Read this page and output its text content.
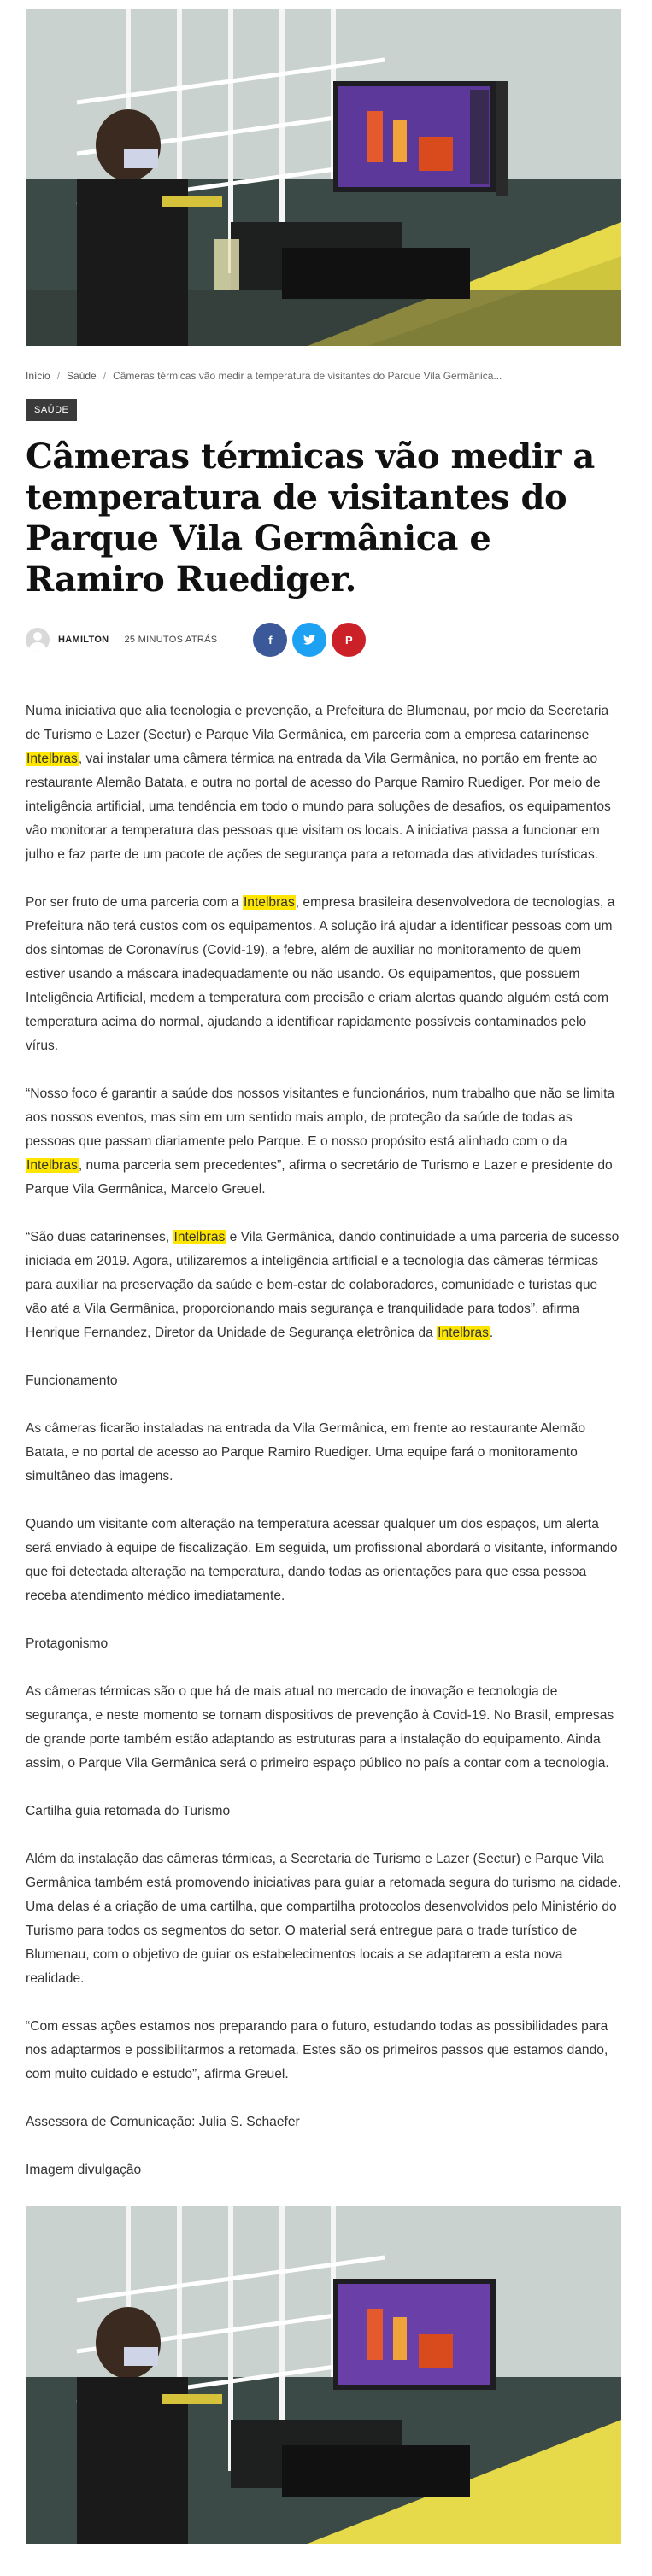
Início / Saúde / Câmeras térmicas vão medir a temperatura de visitantes do Parque Vila Germânica...
SAÚDE
Câmeras térmicas vão medir a temperatura de visitantes do Parque Vila Germânica e Ramiro Ruediger.
HAMILTON 25 MINUTOS ATRÁS	f	P

Numa iniciativa que alia tecnologia e prevenção, a Prefeitura de Blumenau, por meio da Secretaria de Turismo e Lazer (Sectur) e Parque Vila Germânica, em parceria com a empresa catarinense Intelbras, vai instalar uma câmera térmica na entrada da Vila Germânica, no portão em frente ao restaurante Alemão Batata, e outra no portal de acesso do Parque Ramiro Ruediger. Por meio de inteligência artificial, uma tendência em todo o mundo para soluções de desafios, os equipamentos vão monitorar a temperatura das pessoas que visitam os locais. A iniciativa passa a funcionar em julho e faz parte de um pacote de ações de segurança para a retomada das atividades turísticas.

Por ser fruto de uma parceria com a Intelbras, empresa brasileira desenvolvedora de tecnologias, a Prefeitura não terá custos com os equipamentos. A solução irá ajudar a identificar pessoas com um dos sintomas de Coronavírus (Covid-19), a febre, além de auxiliar no monitoramento de quem estiver usando a máscara inadequadamente ou não usando. Os equipamentos, que possuem Inteligência Artificial, medem a temperatura com precisão e criam alertas quando alguém está com temperatura acima do normal, ajudando a identificar rapidamente possíveis contaminados pelo vírus.

“Nosso foco é garantir a saúde dos nossos visitantes e funcionários, num trabalho que não se limita aos nossos eventos, mas sim em um sentido mais amplo, de proteção da saúde de todas as pessoas que passam diariamente pelo Parque. E o nosso propósito está alinhado com o da Intelbras, numa parceria sem precedentes”, afirma o secretário de Turismo e Lazer e presidente do Parque Vila Germânica, Marcelo Greuel.

“São duas catarinenses, Intelbras e Vila Germânica, dando continuidade a uma parceria de sucesso iniciada em 2019. Agora, utilizaremos a inteligência artificial e a tecnologia das câmeras térmicas para auxiliar na preservação da saúde e bem-estar de colaboradores, comunidade e turistas que vão até a Vila Germânica, proporcionando mais segurança e tranquilidade para todos”, afirma Henrique Fernandez, Diretor da Unidade de Segurança eletrônica da Intelbras.

Funcionamento

As câmeras ficarão instaladas na entrada da Vila Germânica, em frente ao restaurante Alemão Batata, e no portal de acesso ao Parque Ramiro Ruediger. Uma equipe fará o monitoramento simultâneo das imagens.

Quando um visitante com alteração na temperatura acessar qualquer um dos espaços, um alerta será enviado à equipe de fiscalização. Em seguida, um profissional abordará o visitante, informando que foi detectada alteração na temperatura, dando todas as orientações para que essa pessoa receba atendimento médico imediatamente.

Protagonismo

As câmeras térmicas são o que há de mais atual no mercado de inovação e tecnologia de segurança, e neste momento se tornam dispositivos de prevenção à Covid-19. No Brasil, empresas de grande porte também estão adaptando as estruturas para a instalação do equipamento. Ainda assim, o Parque Vila Germânica será o primeiro espaço público no país a contar com a tecnologia.

Cartilha guia retomada do Turismo

Além da instalação das câmeras térmicas, a Secretaria de Turismo e Lazer (Sectur) e Parque Vila Germânica também está promovendo iniciativas para guiar a retomada segura do turismo na cidade. Uma delas é a criação de uma cartilha, que compartilha protocolos desenvolvidos pelo Ministério do Turismo para todos os segmentos do setor. O material será entregue para o trade turístico de Blumenau, com o objetivo de guiar os estabelecimentos locais a se adaptarem a esta nova realidade.

“Com essas ações estamos nos preparando para o futuro, estudando todas as possibilidades para nos adaptarmos e possibilitarmos a retomada. Estes são os primeiros passos que estamos dando, com muito cuidado e estudo”, afirma Greuel.

Assessora de Comunicação: Julia S. Schaefer

Imagem divulgação
